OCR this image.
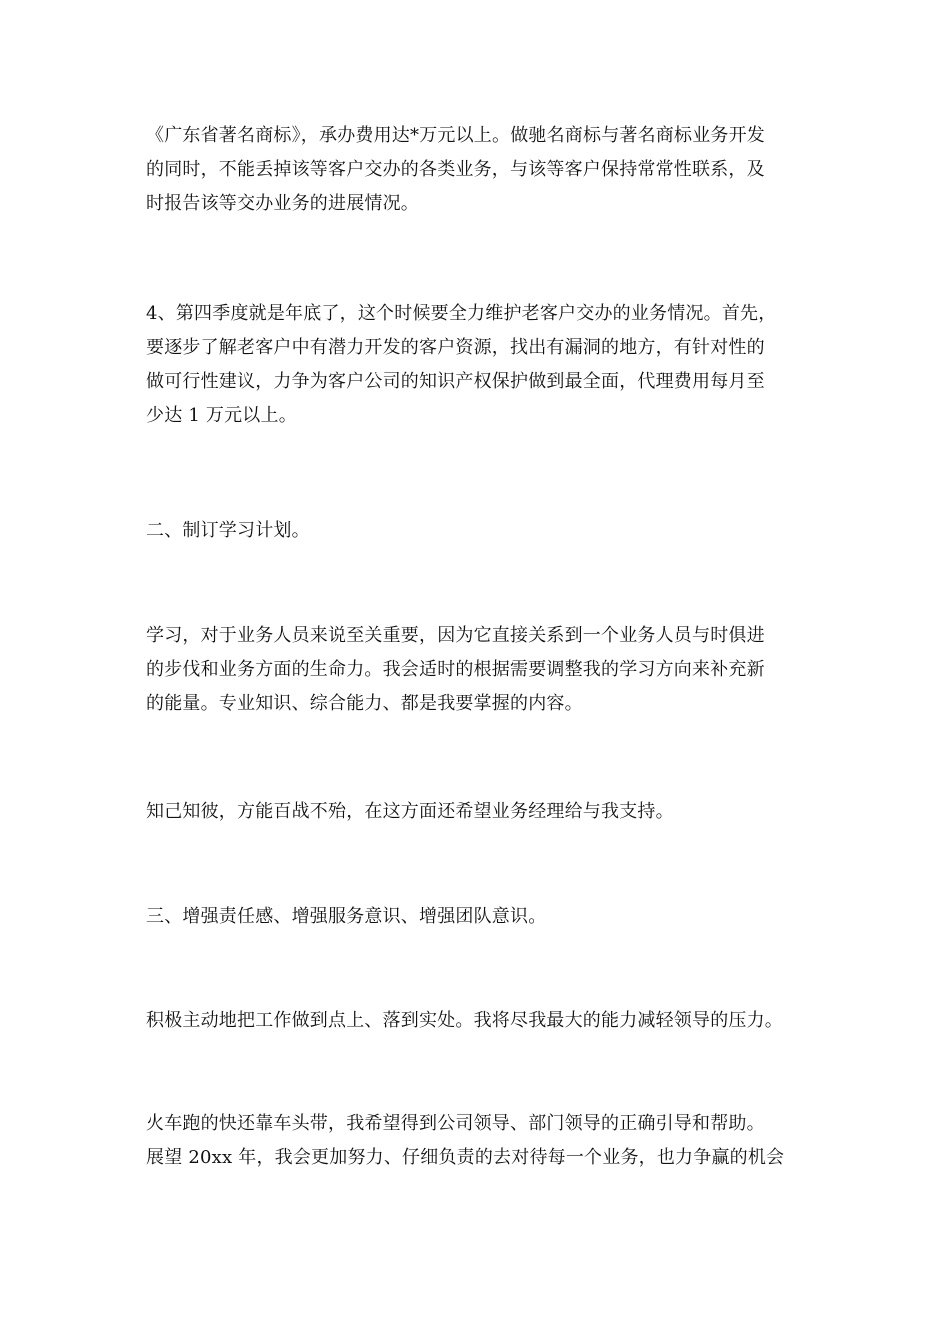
《广东省著名商标》，承办费用达*万元以上。做驰名商标与著名商标业务开发
的同时，不能丢掉该等客户交办的各类业务，与该等客户保持常常性联系，及
时报告该等交办业务的进展情况。
4、第四季度就是年底了，这个时候要全力维护老客户交办的业务情况。首先，
要逐步了解老客户中有潜力开发的客户资源，找出有漏洞的地方，有针对性的
做可行性建议，力争为客户公司的知识产权保护做到最全面，代理费用每月至
少达 1 万元以上。
二、制订学习计划。
学习，对于业务人员来说至关重要，因为它直接关系到一个业务人员与时俱进
的步伐和业务方面的生命力。我会适时的根据需要调整我的学习方向来补充新
的能量。专业知识、综合能力、都是我要掌握的内容。
知己知彼，方能百战不殆，在这方面还希望业务经理给与我支持。
三、增强责任感、增强服务意识、增强团队意识。
积极主动地把工作做到点上、落到实处。我将尽我最大的能力减轻领导的压力。
火车跑的快还靠车头带，我希望得到公司领导、部门领导的正确引导和帮助。
展望 20xx 年，我会更加努力、仔细负责的去对待每一个业务，也力争赢的机会
